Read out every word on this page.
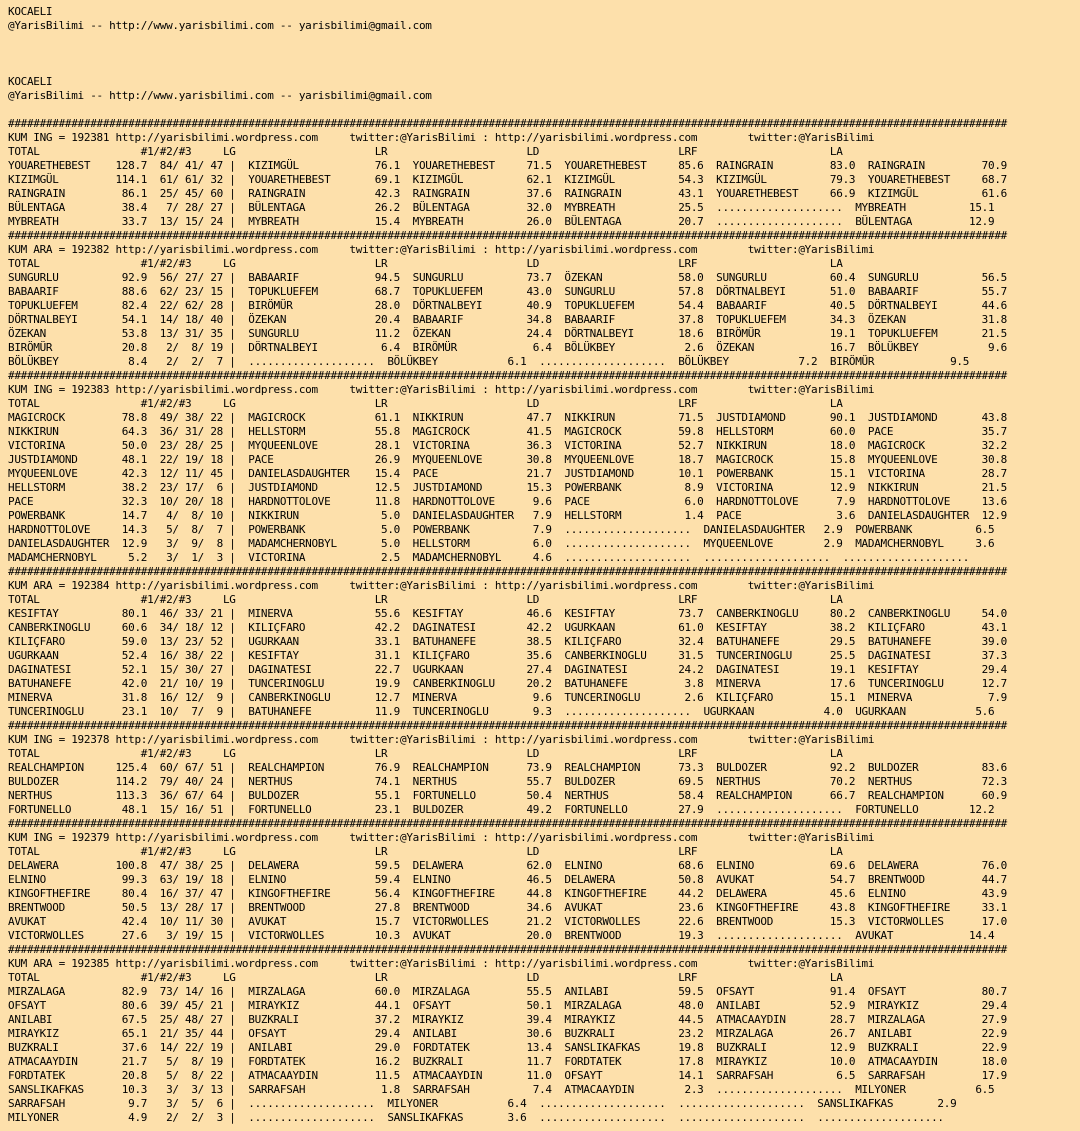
KOCAELI
@YarisBilimi -- http://www.yarisbilimi.com -- yarisbilimi@gmail.com
KOCAELI
@YarisBilimi -- http://www.yarisbilimi.com -- yarisbilimi@gmail.com
##############################################################################################################################################################
KUM ING = 192381 http://yarisbilimi.wordpress.com     twitter:@YarisBilimi : http://yarisbilimi.wordpress.com        twitter:@YarisBilimi
TOTAL                #1/#2/#3     LG                      LR                      LD                      LRF                     LA
YOUARETHEBEST    128.7  84/ 41/ 47 |  KIZIMGÜL            76.1  YOUARETHEBEST     71.5  YOUARETHEBEST     85.6  RAINGRAIN         83.0  RAINGRAIN         70.9
KIZIMGÜL         114.1  61/ 61/ 32 |  YOUARETHEBEST       69.1  KIZIMGÜL          62.1  KIZIMGÜL          54.3  KIZIMGÜL          79.3  YOUARETHEBEST     68.7
RAINGRAIN         86.1  25/ 45/ 60 |  RAINGRAIN           42.3  RAINGRAIN         37.6  RAINGRAIN         43.1  YOUARETHEBEST     66.9  KIZIMGÜL          61.6
BÜLENTAGA         38.4   7/ 28/ 27 |  BÜLENTAGA           26.2  BÜLENTAGA         32.0  MYBREATH          25.5  ....................  MYBREATH          15.1
MYBREATH          33.7  13/ 15/ 24 |  MYBREATH            15.4  MYBREATH          26.0  BÜLENTAGA         20.7  ....................  BÜLENTAGA         12.9
##############################################################################################################################################################
KUM ARA = 192382 http://yarisbilimi.wordpress.com     twitter:@YarisBilimi : http://yarisbilimi.wordpress.com        twitter:@YarisBilimi
TOTAL                #1/#2/#3     LG                      LR                      LD                      LRF                     LA
SUNGURLU          92.9  56/ 27/ 27 |  BABAARIF            94.5  SUNGURLU          73.7  ÖZEKAN            58.0  SUNGURLU          60.4  SUNGURLU          56.5
BABAARIF          88.6  62/ 23/ 15 |  TOPUKLUEFEM         68.7  TOPUKLUEFEM       43.0  SUNGURLU          57.8  DÖRTNALBEYI       51.0  BABAARIF          55.7
TOPUKLUEFEM       82.4  22/ 62/ 28 |  BIRÖMÜR             28.0  DÖRTNALBEYI       40.9  TOPUKLUEFEM       54.4  BABAARIF          40.5  DÖRTNALBEYI       44.6
DÖRTNALBEYI       54.1  14/ 18/ 40 |  ÖZEKAN              20.4  BABAARIF          34.8  BABAARIF          37.8  TOPUKLUEFEM       34.3  ÖZEKAN            31.8
ÖZEKAN            53.8  13/ 31/ 35 |  SUNGURLU            11.2  ÖZEKAN            24.4  DÖRTNALBEYI       18.6  BIRÖMÜR           19.1  TOPUKLUEFEM       21.5
BIRÖMÜR           20.8   2/  8/ 19 |  DÖRTNALBEYI          6.4  BIRÖMÜR            6.4  BÖLÜKBEY           2.6  ÖZEKAN            16.7  BÖLÜKBEY           9.6
BÖLÜKBEY           8.4   2/  2/  7 |  ....................  BÖLÜKBEY           6.1  ....................  BÖLÜKBEY           7.2  BIRÖMÜR            9.5
##############################################################################################################################################################
KUM ING = 192383 http://yarisbilimi.wordpress.com     twitter:@YarisBilimi : http://yarisbilimi.wordpress.com        twitter:@YarisBilimi
TOTAL                #1/#2/#3     LG                      LR                      LD                      LRF                     LA
MAGICROCK         78.8  49/ 38/ 22 |  MAGICROCK           61.1  NIKKIRUN          47.7  NIKKIRUN          71.5  JUSTDIAMOND       90.1  JUSTDIAMOND       43.8
NIKKIRUN          64.3  36/ 31/ 28 |  HELLSTORM           55.8  MAGICROCK         41.5  MAGICROCK         59.8  HELLSTORM         60.0  PACE              35.7
VICTORINA         50.0  23/ 28/ 25 |  MYQUEENLOVE         28.1  VICTORINA         36.3  VICTORINA         52.7  NIKKIRUN          18.0  MAGICROCK         32.2
JUSTDIAMOND       48.1  22/ 19/ 18 |  PACE                26.9  MYQUEENLOVE       30.8  MYQUEENLOVE       18.7  MAGICROCK         15.8  MYQUEENLOVE       30.8
MYQUEENLOVE       42.3  12/ 11/ 45 |  DANIELASDAUGHTER    15.4  PACE              21.7  JUSTDIAMOND       10.1  POWERBANK         15.1  VICTORINA         28.7
HELLSTORM         38.2  23/ 17/  6 |  JUSTDIAMOND         12.5  JUSTDIAMOND       15.3  POWERBANK          8.9  VICTORINA         12.9  NIKKIRUN          21.5
PACE              32.3  10/ 20/ 18 |  HARDNOTTOLOVE       11.8  HARDNOTTOLOVE      9.6  PACE               6.0  HARDNOTTOLOVE      7.9  HARDNOTTOLOVE     13.6
POWERBANK         14.7   4/  8/ 10 |  NIKKIRUN             5.0  DANIELASDAUGHTER   7.9  HELLSTORM          1.4  PACE               3.6  DANIELASDAUGHTER  12.9
HARDNOTTOLOVE     14.3   5/  8/  7 |  POWERBANK            5.0  POWERBANK          7.9  ....................  DANIELASDAUGHTER   2.9  POWERBANK          6.5
DANIELASDAUGHTER  12.9   3/  9/  8 |  MADAMCHERNOBYL       5.0  HELLSTORM          6.0  ....................  MYQUEENLOVE        2.9  MADAMCHERNOBYL     3.6
MADAMCHERNOBYL     5.2   3/  1/  3 |  VICTORINA            2.5  MADAMCHERNOBYL     4.6  ....................  ....................  ....................
##############################################################################################################################################################
KUM ARA = 192384 http://yarisbilimi.wordpress.com     twitter:@YarisBilimi : http://yarisbilimi.wordpress.com        twitter:@YarisBilimi
TOTAL                #1/#2/#3     LG                      LR                      LD                      LRF                     LA
KESIFTAY          80.1  46/ 33/ 21 |  MINERVA             55.6  KESIFTAY          46.6  KESIFTAY          73.7  CANBERKINOGLU     80.2  CANBERKINOGLU     54.0
CANBERKINOGLU     60.6  34/ 18/ 12 |  KILIÇFARO           42.2  DAGINATESI        42.2  UGURKAAN          61.0  KESIFTAY          38.2  KILIÇFARO         43.1
KILIÇFARO         59.0  13/ 23/ 52 |  UGURKAAN            33.1  BATUHANEFE        38.5  KILIÇFARO         32.4  BATUHANEFE        29.5  BATUHANEFE        39.0
UGURKAAN          52.4  16/ 38/ 22 |  KESIFTAY            31.1  KILIÇFARO         35.6  CANBERKINOGLU     31.5  TUNCERINOGLU      25.5  DAGINATESI        37.3
DAGINATESI        52.1  15/ 30/ 27 |  DAGINATESI          22.7  UGURKAAN          27.4  DAGINATESI        24.2  DAGINATESI        19.1  KESIFTAY          29.4
BATUHANEFE        42.0  21/ 10/ 19 |  TUNCERINOGLU        19.9  CANBERKINOGLU     20.2  BATUHANEFE         3.8  MINERVA           17.6  TUNCERINOGLU      12.7
MINERVA           31.8  16/ 12/  9 |  CANBERKINOGLU       12.7  MINERVA            9.6  TUNCERINOGLU       2.6  KILIÇFARO         15.1  MINERVA            7.9
TUNCERINOGLU      23.1  10/  7/  9 |  BATUHANEFE          11.9  TUNCERINOGLU       9.3  ....................  UGURKAAN           4.0  UGURKAAN           5.6
##############################################################################################################################################################
KUM ING = 192378 http://yarisbilimi.wordpress.com     twitter:@YarisBilimi : http://yarisbilimi.wordpress.com        twitter:@YarisBilimi
TOTAL                #1/#2/#3     LG                      LR                      LD                      LRF                     LA
REALCHAMPION     125.4  60/ 67/ 51 |  REALCHAMPION        76.9  REALCHAMPION      73.9  REALCHAMPION      73.3  BULDOZER          92.2  BULDOZER          83.6
BULDOZER         114.2  79/ 40/ 24 |  NERTHUS             74.1  NERTHUS           55.7  BULDOZER          69.5  NERTHUS           70.2  NERTHUS           72.3
NERTHUS          113.3  36/ 67/ 64 |  BULDOZER            55.1  FORTUNELLO        50.4  NERTHUS           58.4  REALCHAMPION      66.7  REALCHAMPION      60.9
FORTUNELLO        48.1  15/ 16/ 51 |  FORTUNELLO          23.1  BULDOZER          49.2  FORTUNELLO        27.9  ....................  FORTUNELLO        12.2
##############################################################################################################################################################
KUM ING = 192379 http://yarisbilimi.wordpress.com     twitter:@YarisBilimi : http://yarisbilimi.wordpress.com        twitter:@YarisBilimi
TOTAL                #1/#2/#3     LG                      LR                      LD                      LRF                     LA
DELAWERA         100.8  47/ 38/ 25 |  DELAWERA            59.5  DELAWERA          62.0  ELNINO            68.6  ELNINO            69.6  DELAWERA          76.0
ELNINO            99.3  63/ 19/ 18 |  ELNINO              59.4  ELNINO            46.5  DELAWERA          50.8  AVUKAT            54.7  BRENTWOOD         44.7
KINGOFTHEFIRE     80.4  16/ 37/ 47 |  KINGOFTHEFIRE       56.4  KINGOFTHEFIRE     44.8  KINGOFTHEFIRE     44.2  DELAWERA          45.6  ELNINO            43.9
BRENTWOOD         50.5  13/ 28/ 17 |  BRENTWOOD           27.8  BRENTWOOD         34.6  AVUKAT            23.6  KINGOFTHEFIRE     43.8  KINGOFTHEFIRE     33.1
AVUKAT            42.4  10/ 11/ 30 |  AVUKAT              15.7  VICTORWOLLES      21.2  VICTORWOLLES      22.6  BRENTWOOD         15.3  VICTORWOLLES      17.0
VICTORWOLLES      27.6   3/ 19/ 15 |  VICTORWOLLES        10.3  AVUKAT            20.0  BRENTWOOD         19.3  ....................  AVUKAT            14.4
##############################################################################################################################################################
KUM ARA = 192385 http://yarisbilimi.wordpress.com     twitter:@YarisBilimi : http://yarisbilimi.wordpress.com        twitter:@YarisBilimi
TOTAL                #1/#2/#3     LG                      LR                      LD                      LRF                     LA
MIRZALAGA         82.9  73/ 14/ 16 |  MIRZALAGA           60.0  MIRZALAGA         55.5  ANILABI           59.5  OFSAYT            91.4  OFSAYT            80.7
OFSAYT            80.6  39/ 45/ 21 |  MIRAYKIZ            44.1  OFSAYT            50.1  MIRZALAGA         48.0  ANILABI           52.9  MIRAYKIZ          29.4
ANILABI           67.5  25/ 48/ 27 |  BUZKRALI            37.2  MIRAYKIZ          39.4  MIRAYKIZ          44.5  ATMACAAYDIN       28.7  MIRZALAGA         27.9
MIRAYKIZ          65.1  21/ 35/ 44 |  OFSAYT              29.4  ANILABI           30.6  BUZKRALI          23.2  MIRZALAGA         26.7  ANILABI           22.9
BUZKRALI          37.6  14/ 22/ 19 |  ANILABI             29.0  FORDTATEK         13.4  SANSLIKAFKAS      19.8  BUZKRALI          12.9  BUZKRALI          22.9
ATMACAAYDIN       21.7   5/  8/ 19 |  FORDTATEK           16.2  BUZKRALI          11.7  FORDTATEK         17.8  MIRAYKIZ          10.0  ATMACAAYDIN       18.0
FORDTATEK         20.8   5/  8/ 22 |  ATMACAAYDIN         11.5  ATMACAAYDIN       11.0  OFSAYT            14.1  SARRAFSAH          6.5  SARRAFSAH         17.9
SANSLIKAFKAS      10.3   3/  3/ 13 |  SARRAFSAH            1.8  SARRAFSAH          7.4  ATMACAAYDIN        2.3  ....................  MILYONER           6.5
SARRAFSAH          9.7   3/  5/  6 |  ....................  MILYONER           6.4  ....................  ....................  SANSLIKAFKAS       2.9
MILYONER           4.9   2/  2/  3 |  ....................  SANSLIKAFKAS       3.6  ....................  ....................  ....................
